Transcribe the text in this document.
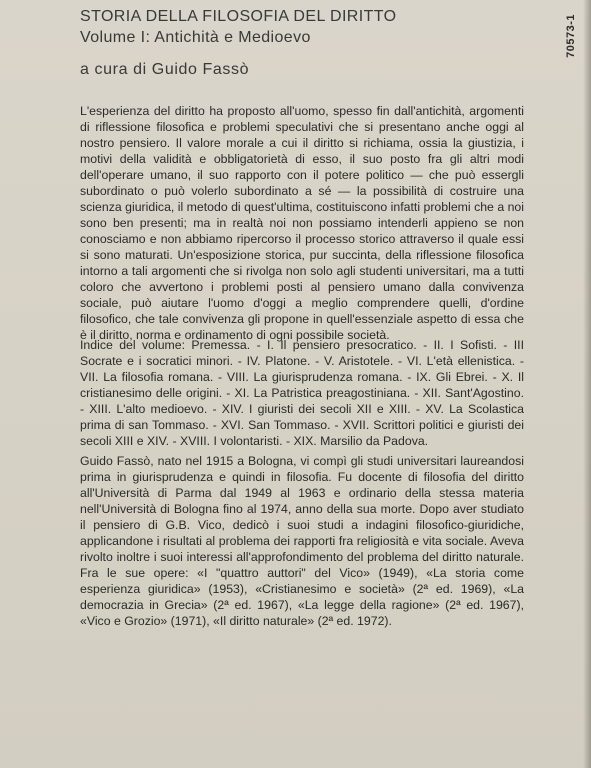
STORIA DELLA FILOSOFIA DEL DIRITTO
Volume I: Antichità e Medioevo
a cura di Guido Fassò
70573-1

L'esperienza del diritto ha proposto all'uomo, spesso fin dall'antichità, argomenti di riflessione filosofica e problemi speculativi che si presentano anche oggi al nostro pensiero. Il valore morale a cui il diritto si richiama, ossia la giustizia, i motivi della validità e obbligatorietà di esso, il suo posto fra gli altri modi dell'operare umano, il suo rapporto con il potere politico — che può essergli subordinato o può volerlo subordinato a sé — la possibilità di costruire una scienza giuridica, il metodo di quest'ultima, costituiscono infatti problemi che a noi sono ben presenti; ma in realtà noi non possiamo intenderli appieno se non conosciamo e non abbiamo ripercorso il processo storico attraverso il quale essi si sono maturati. Un'esposizione storica, pur succinta, della riflessione filosofica intorno a tali argomenti che si rivolga non solo agli studenti universitari, ma a tutti coloro che avvertono i problemi posti al pensiero umano dalla convivenza sociale, può aiutare l'uomo d'oggi a meglio comprendere quelli, d'ordine filosofico, che tale convivenza gli propone in quell'essenziale aspetto di essa che è il diritto, norma e ordinamento di ogni possibile società.

Indice del volume: Premessa. - I. Il pensiero presocratico. - II. I Sofisti. - III Socrate e i socratici minori. - IV. Platone. - V. Aristotele. - VI. L'età ellenistica. - VII. La filosofia romana. - VIII. La giurisprudenza romana. - IX. Gli Ebrei. - X. Il cristianesimo delle origini. - XI. La Patristica preagostiniana. - XII. Sant'Agostino. - XIII. L'alto medioevo. - XIV. I giuristi dei secoli XII e XIII. - XV. La Scolastica prima di san Tommaso. - XVI. San Tommaso. - XVII. Scrittori politici e giuristi dei secoli XIII e XIV. - XVIII. I volontaristi. - XIX. Marsilio da Padova.

Guido Fassò, nato nel 1915 a Bologna, vi compì gli studi universitari laureandosi prima in giurisprudenza e quindi in filosofia. Fu docente di filosofia del diritto all'Università di Parma dal 1949 al 1963 e ordinario della stessa materia nell'Università di Bologna fino al 1974, anno della sua morte. Dopo aver studiato il pensiero di G.B. Vico, dedicò i suoi studi a indagini filosofico-giuridiche, applicandone i risultati al problema dei rapporti fra religiosità e vita sociale. Aveva rivolto inoltre i suoi interessi all'approfondimento del problema del diritto naturale. Fra le sue opere: «I "quattro auttori" del Vico» (1949), «La storia come esperienza giuridica» (1953), «Cristianesimo e società» (2ª ed. 1969), «La democrazia in Grecia» (2ª ed. 1967), «La legge della ragione» (2ª ed. 1967), «Vico e Grozio» (1971), «Il diritto naturale» (2ª ed. 1972).
